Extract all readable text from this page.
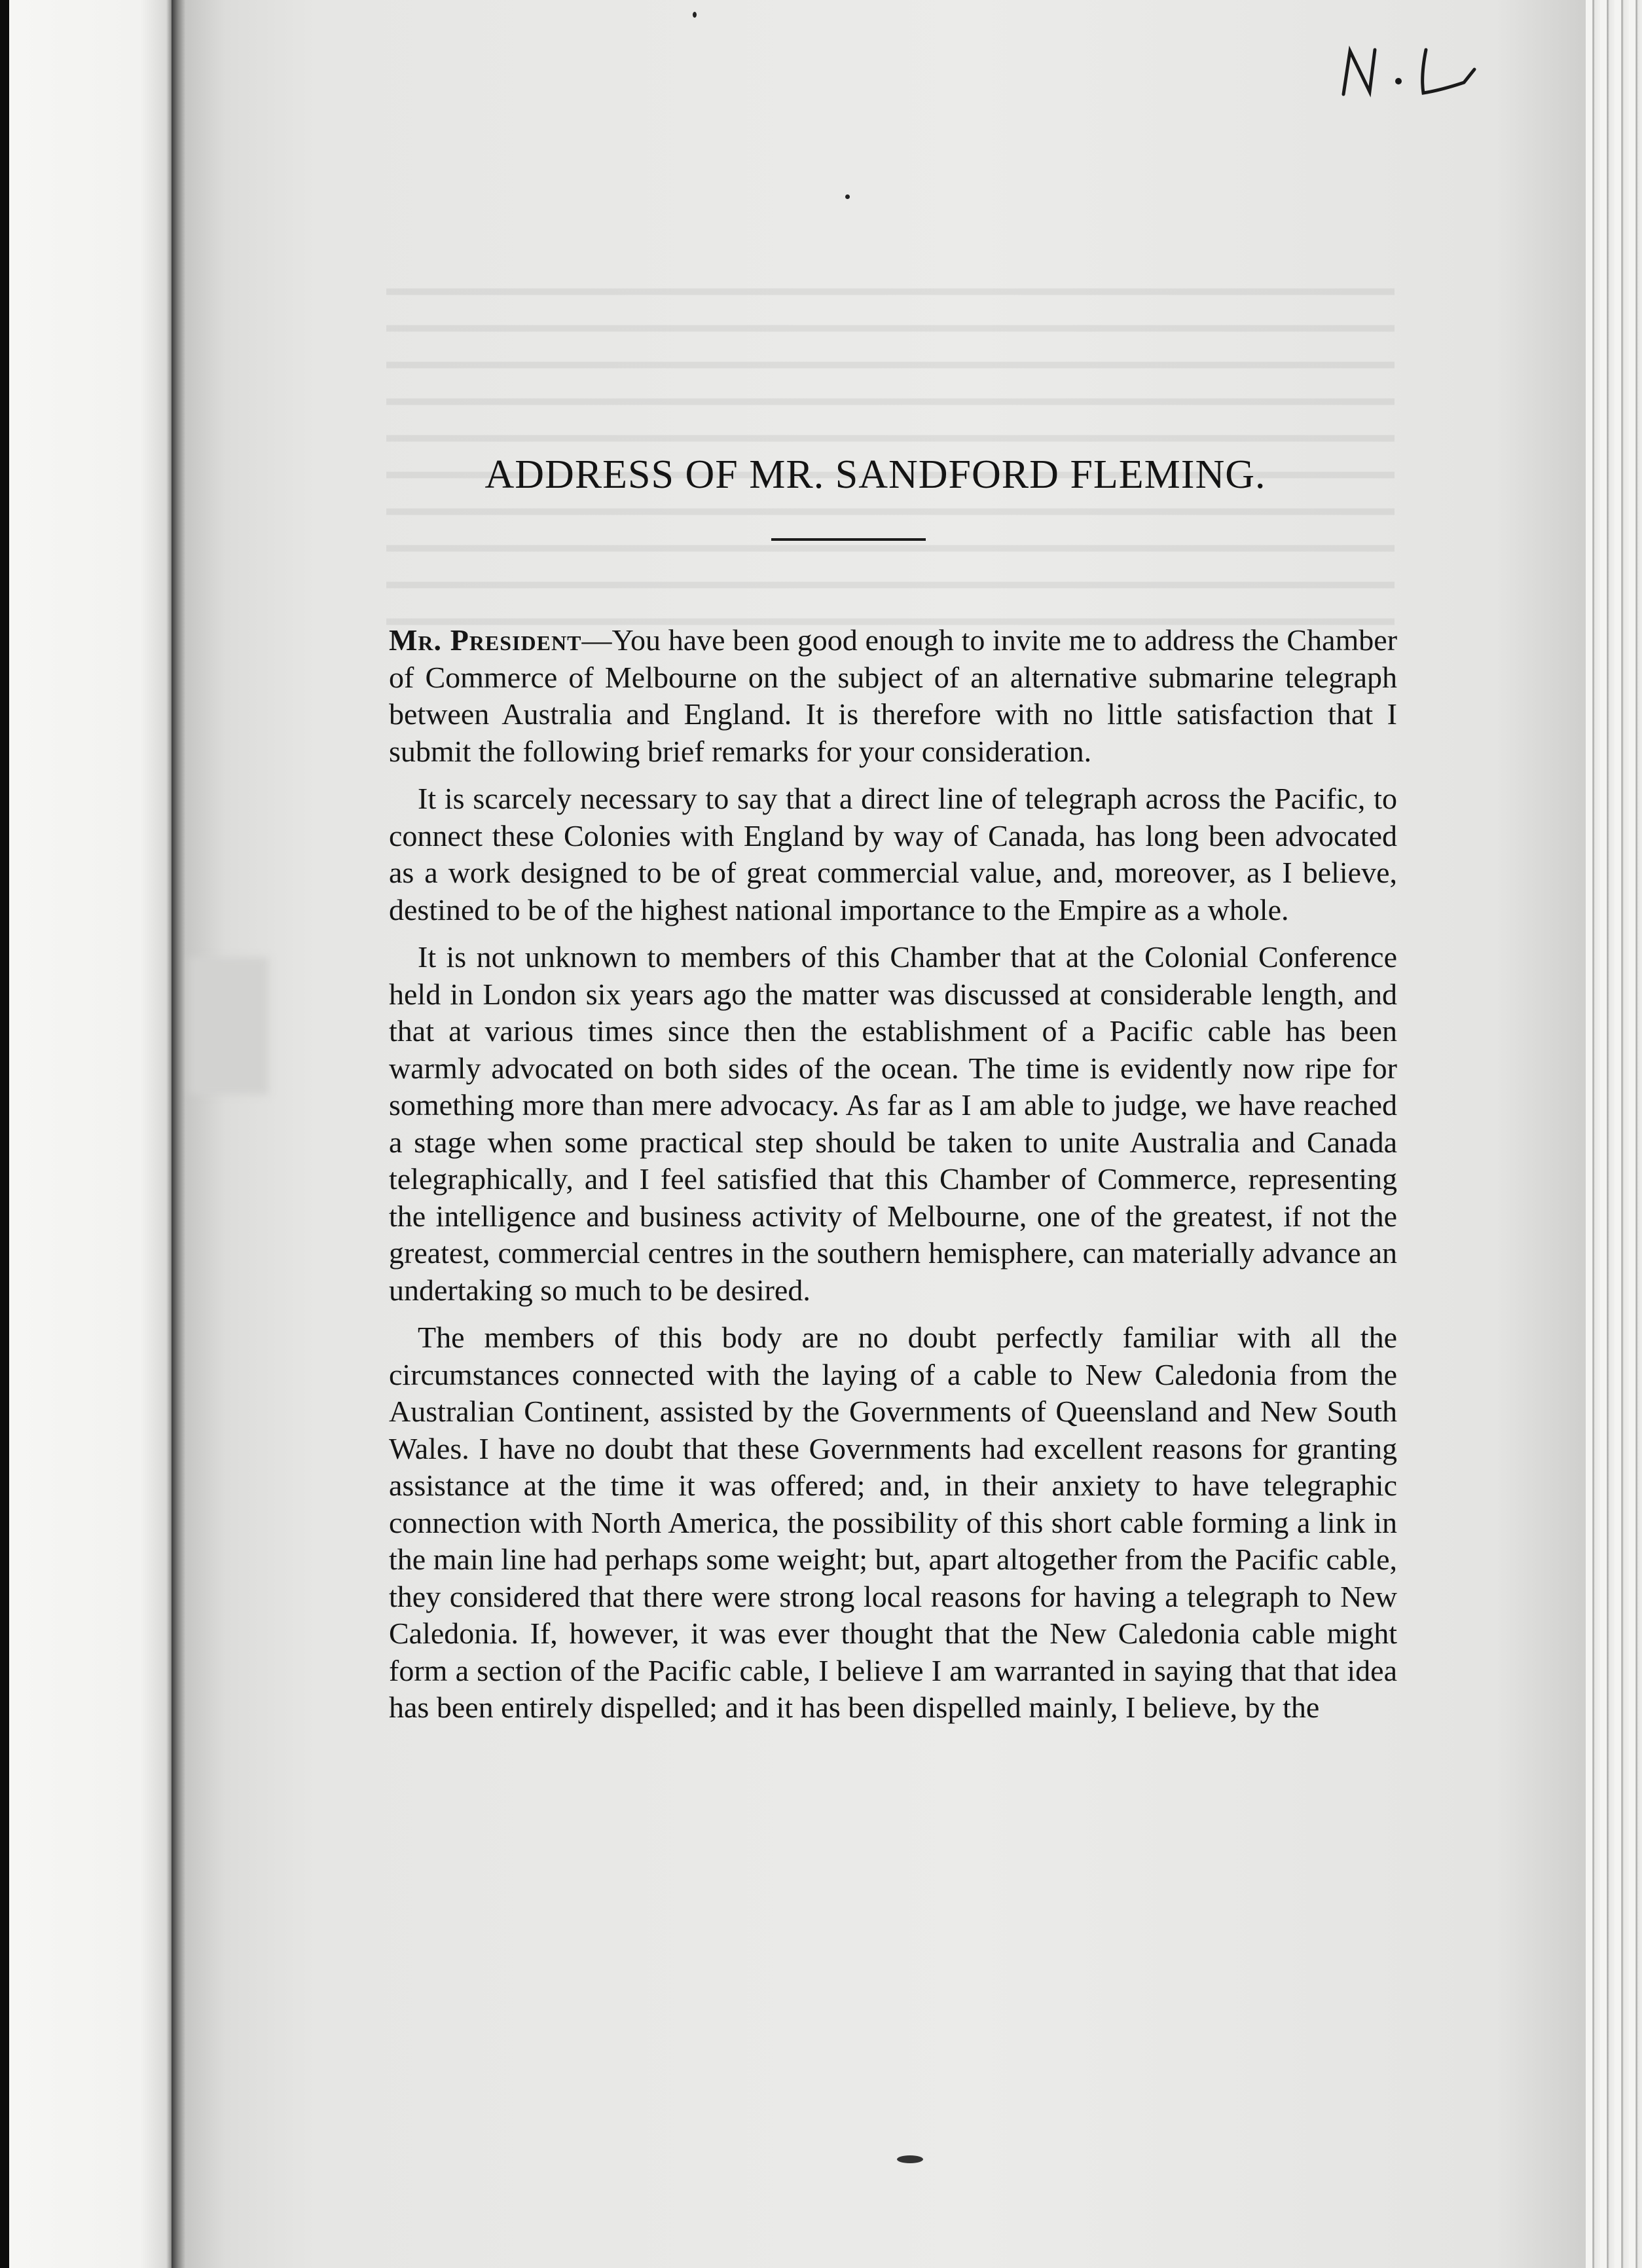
ADDRESS OF MR. SANDFORD FLEMING.

Mr. President—You have been good enough to invite me to address the Chamber of Commerce of Melbourne on the subject of an alternative submarine telegraph between Australia and England. It is therefore with no little satisfaction that I submit the following brief remarks for your consideration.

It is scarcely necessary to say that a direct line of telegraph across the Pacific, to connect these Colonies with England by way of Canada, has long been advocated as a work designed to be of great commercial value, and, moreover, as I believe, destined to be of the highest national importance to the Empire as a whole.

It is not unknown to members of this Chamber that at the Colonial Conference held in London six years ago the matter was discussed at considerable length, and that at various times since then the establishment of a Pacific cable has been warmly advocated on both sides of the ocean. The time is evidently now ripe for something more than mere advocacy. As far as I am able to judge, we have reached a stage when some practical step should be taken to unite Australia and Canada telegraphically, and I feel satisfied that this Chamber of Commerce, representing the intelligence and business activity of Melbourne, one of the greatest, if not the greatest, commercial centres in the southern hemisphere, can materially advance an undertaking so much to be desired.

The members of this body are no doubt perfectly familiar with all the circumstances connected with the laying of a cable to New Caledonia from the Australian Continent, assisted by the Governments of Queensland and New South Wales. I have no doubt that these Governments had excellent reasons for granting assistance at the time it was offered; and, in their anxiety to have telegraphic connection with North America, the possibility of this short cable forming a link in the main line had perhaps some weight; but, apart altogether from the Pacific cable, they considered that there were strong local reasons for having a telegraph to New Caledonia. If, however, it was ever thought that the New Caledonia cable might form a section of the Pacific cable, I believe I am warranted in saying that that idea has been entirely dispelled; and it has been dispelled mainly, I believe, by the
